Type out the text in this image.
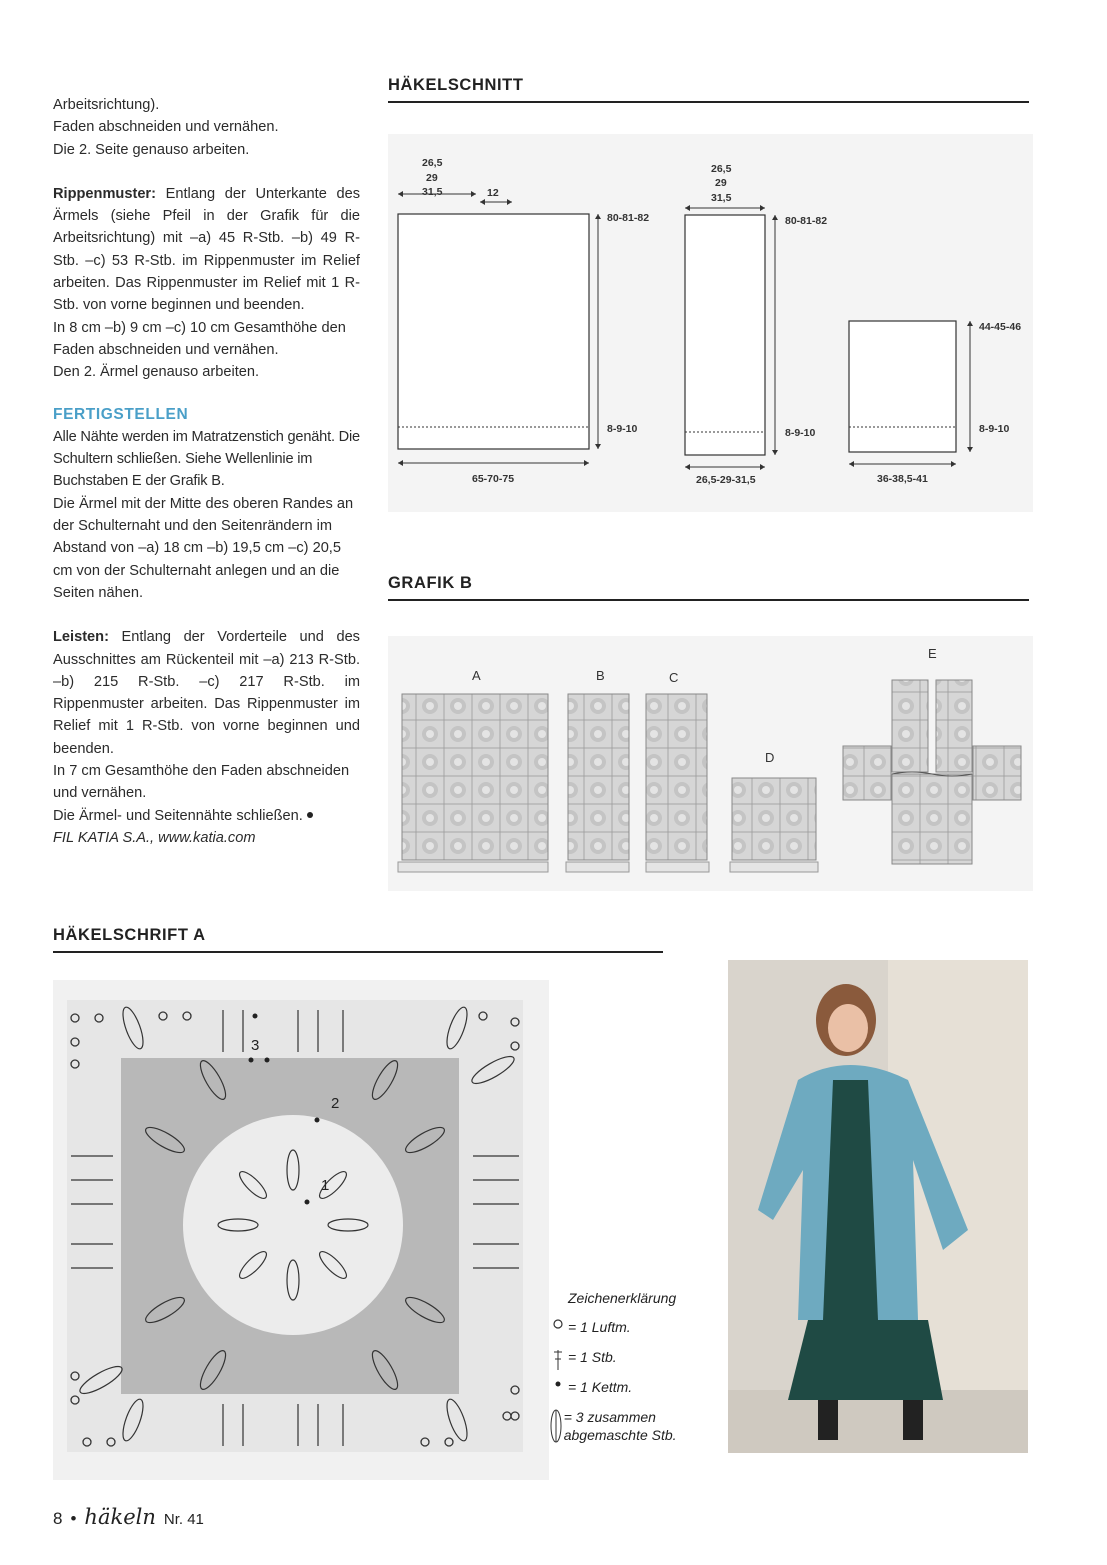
Arbeitsrichtung).

Faden abschneiden und vernähen.

Die 2. Seite genauso arbeiten.

Rippenmuster: Entlang der Unterkante des Ärmels (siehe Pfeil in der Grafik für die Arbeitsrichtung) mit –a) 45 R-Stb. –b) 49 R-Stb. –c) 53 R-Stb. im Rippenmuster im Relief arbeiten. Das Rippenmuster im Relief mit 1 R-Stb. von vorne beginnen und beenden.

In 8 cm –b) 9 cm –c) 10 cm Gesamthöhe den Faden abschneiden und vernähen.

Den 2. Ärmel genauso arbeiten.

FERTIGSTELLEN

Alle Nähte werden im Matratzenstich genäht. Die Schultern schließen. Siehe Wellenlinie im Buchstaben E der Grafik B.

Die Ärmel mit der Mitte des oberen Randes an der Schulternaht und den Seitenrändern im Abstand von –a) 18 cm –b) 19,5 cm –c) 20,5 cm von der Schulternaht anlegen und an die Seiten nähen.

Leisten: Entlang der Vorderteile und des Ausschnittes am Rückenteil mit –a) 213 R-Stb. –b) 215 R-Stb. –c) 217 R-Stb. im Rippenmuster arbeiten. Das Rippenmuster im Relief mit 1 R-Stb. von vorne beginnen und beenden.

In 7 cm Gesamthöhe den Faden abschneiden und vernähen.

Die Ärmel- und Seitennähte schließen.

FIL KATIA S.A., www.katia.com

HÄKELSCHNITT
GRAFIK B
HÄKELSCHRIFT A
26,5
29
31,5	12
80-81-82
8-9-10
65-70-75
26,5
29
31,5
80-81-82
8-9-10
26,5-29-31,5
44-45-46
8-9-10
36-38,5-41
A	B	C
D
E
3
2
1
Zeichenerklärung
= 1 Luftm.
= 1 Stb.
= 1 Kettm.
= 3 zusammen abgemaschte Stb.
8 • häkeln Nr. 41
